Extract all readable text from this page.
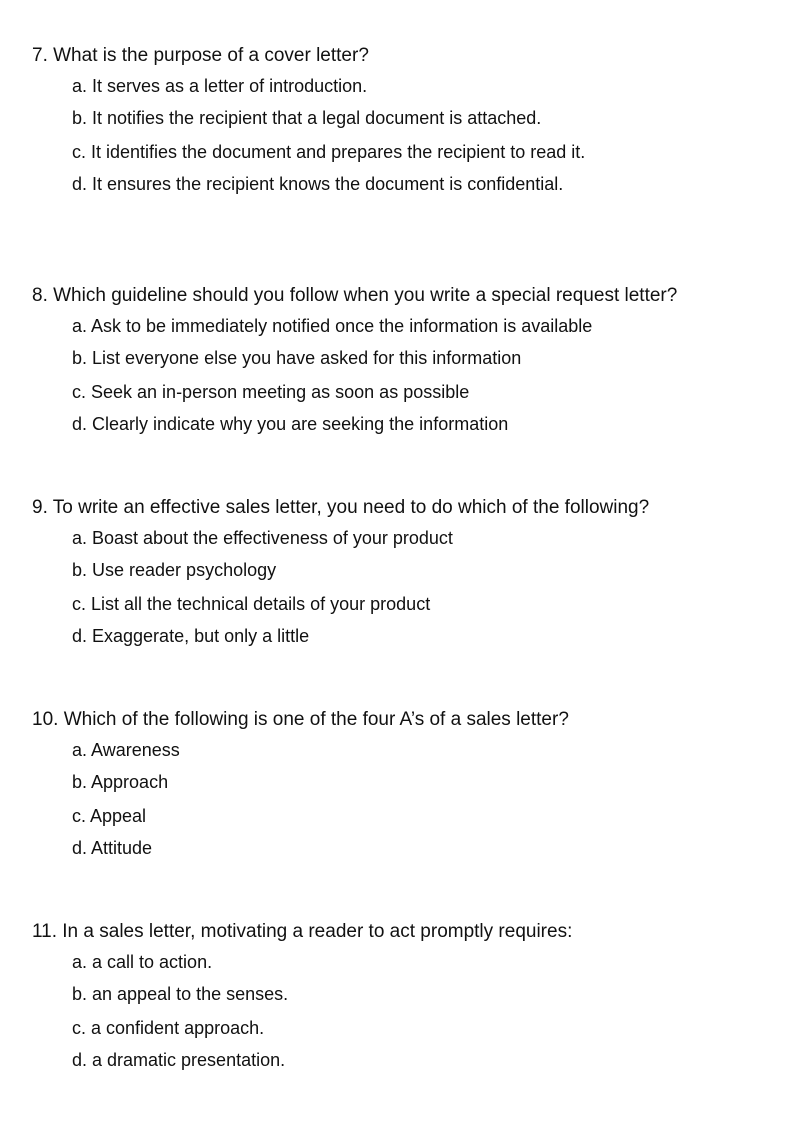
7. What is the purpose of a cover letter?

a. It serves as a letter of introduction.
b. It notifies the recipient that a legal document is attached.
c. It identifies the document and prepares the recipient to read it.
d. It ensures the recipient knows the document is confidential.

8. Which guideline should you follow when you write a special request letter?

a. Ask to be immediately notified once the information is available
b. List everyone else you have asked for this information
c. Seek an in-person meeting as soon as possible
d. Clearly indicate why you are seeking the information

9. To write an effective sales letter, you need to do which of the following?

a. Boast about the effectiveness of your product
b. Use reader psychology
c. List all the technical details of your product
d. Exaggerate, but only a little

10. Which of the following is one of the four A’s of a sales letter?

a. Awareness
b. Approach
c. Appeal
d. Attitude

11. In a sales letter, motivating a reader to act promptly requires:

a. a call to action.
b. an appeal to the senses.
c. a confident approach.
d. a dramatic presentation.
